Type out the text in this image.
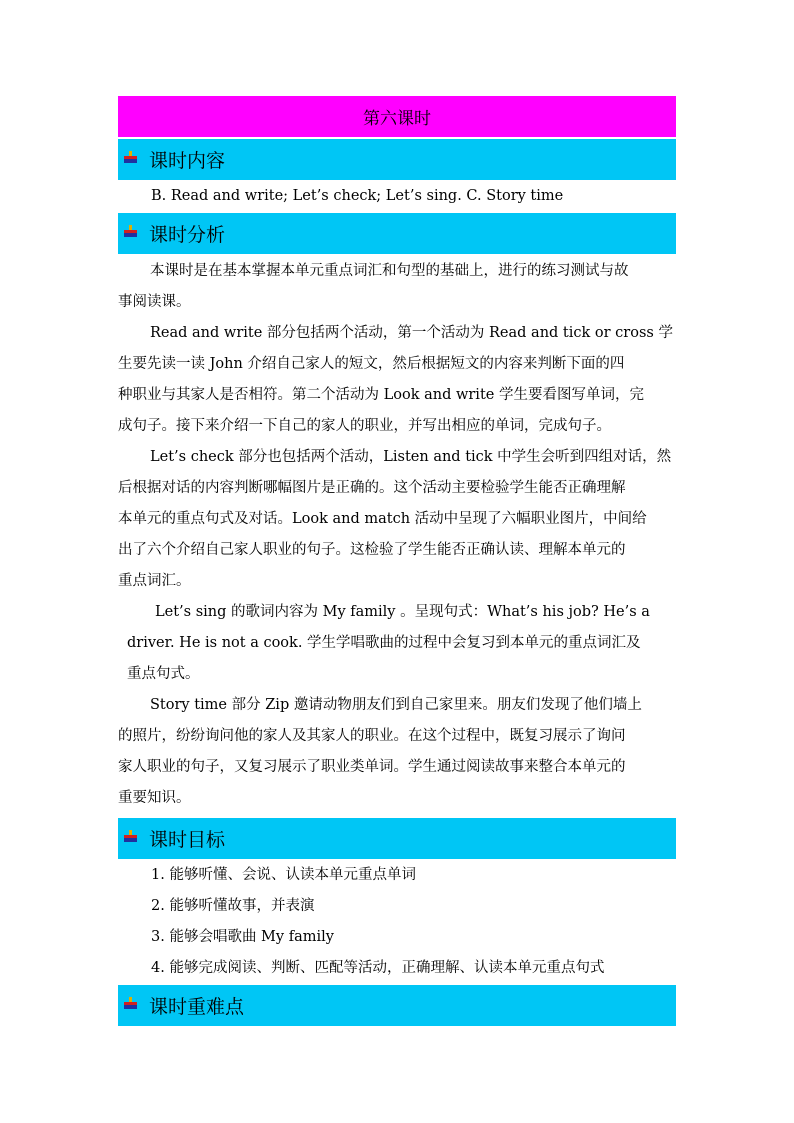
第六课时
课时内容
B. Read and write; Let’s check; Let’s sing. C. Story time
课时分析
本课时是在基本掌握本单元重点词汇和句型的基础上，进行的练习测试与故
事阅读课。
Read and write 部分包括两个活动，第一个活动为 Read and tick or cross 学
生要先读一读 John 介绍自己家人的短文，然后根据短文的内容来判断下面的四
种职业与其家人是否相符。第二个活动为 Look and write 学生要看图写单词，完
成句子。接下来介绍一下自己的家人的职业，并写出相应的单词，完成句子。
Let’s check 部分也包括两个活动，Listen and tick 中学生会听到四组对话，然
后根据对话的内容判断哪幅图片是正确的。这个活动主要检验学生能否正确理解
本单元的重点句式及对话。Look and match 活动中呈现了六幅职业图片，中间给
出了六个介绍自己家人职业的句子。这检验了学生能否正确认读、理解本单元的
重点词汇。
Let’s sing 的歌词内容为 My family 。呈现句式：What’s his job? He’s a
driver. He is not a cook. 学生学唱歌曲的过程中会复习到本单元的重点词汇及
重点句式。
Story time 部分 Zip 邀请动物朋友们到自己家里来。朋友们发现了他们墙上
的照片，纷纷询问他的家人及其家人的职业。在这个过程中，既复习展示了询问
家人职业的句子，又复习展示了职业类单词。学生通过阅读故事来整合本单元的
重要知识。
课时目标
1. 能够听懂、会说、认读本单元重点单词
2. 能够听懂故事，并表演
3. 能够会唱歌曲 My family
4. 能够完成阅读、判断、匹配等活动，正确理解、认读本单元重点句式
课时重难点
